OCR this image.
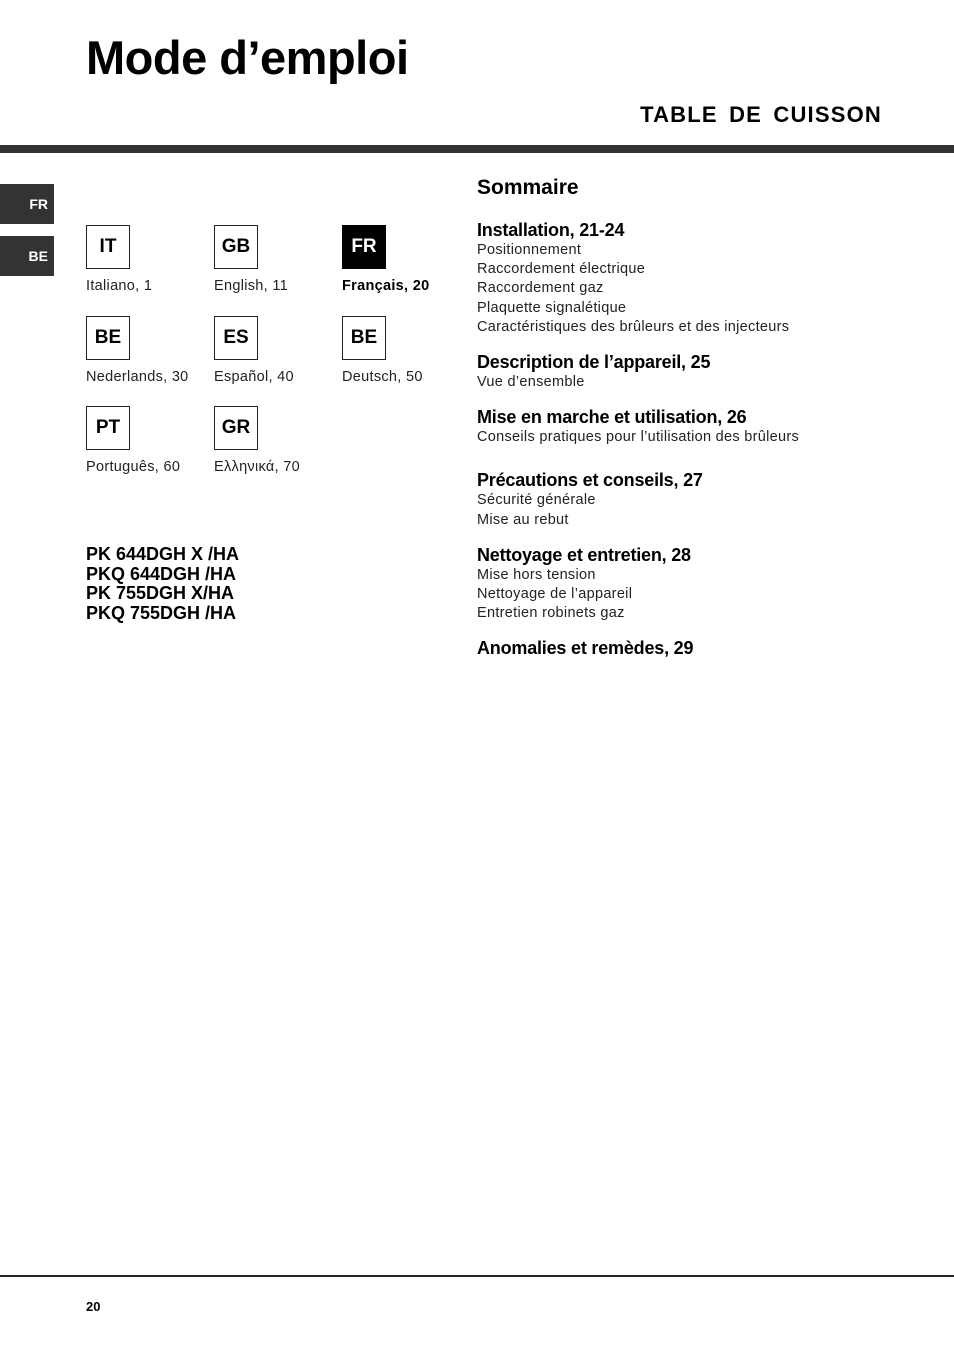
Mode d’emploi
TABLE DE CUISSON
FR
BE	IT
Italiano, 1
GB
English, 11
FR
Français, 20
BE
Nederlands, 30
ES
Español, 40
BE
Deutsch, 50
PT
Português, 60
GR
Ελληνικά, 70
PK 644DGH X /HA
PKQ 644DGH /HA
PK 755DGH X/HA
PKQ 755DGH /HA
Sommaire
Installation, 21-24
Positionnement
Raccordement électrique
Raccordement gaz
Plaquette signalétique
Caractéristiques des brûleurs et des injecteurs
Description de l’appareil, 25
Vue d’ensemble
Mise en marche et utilisation, 26
Conseils pratiques pour l’utilisation des brûleurs
Précautions et conseils, 27
Sécurité générale
Mise au rebut
Nettoyage et entretien, 28
Mise hors tension
Nettoyage de l’appareil
Entretien robinets gaz
Anomalies et remèdes, 29
20
